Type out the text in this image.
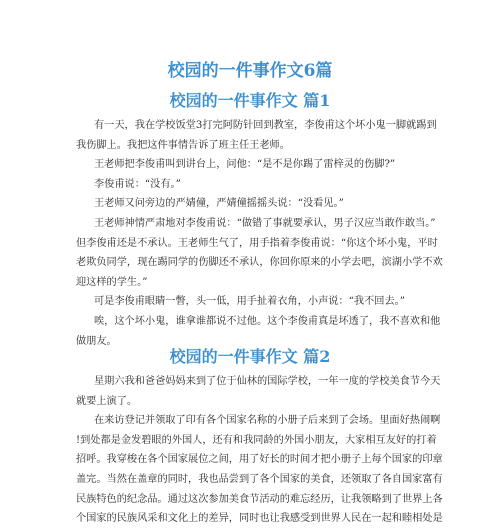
校园的一件事作文6篇
校园的一件事作文 篇1
有一天，我在学校饭堂3打完阿防针回到教室，李俊甫这个坏小鬼一脚就踢到
我伤脚上。我把这件事情告诉了班主任王老师。
王老师把李俊甫叫到讲台上，问他：“是不是你踢了雷梓灵的伤脚?”
李俊甫说：“没有。”
王老师又问旁边的严婧僮，严婧僮摇摇头说：“没看见。”
王老师神情严肃地对李俊甫说：“做错了事就要承认，男子汉应当敢作敢当。”
但李俊甫还是不承认。王老师生气了，用手指着李俊甫说：“你这个坏小鬼，平时
老欺负同学，现在踢同学的伤脚还不承认，你回你原来的小学去吧，滨湖小学不欢
迎这样的学生。”
可是李俊甫眼睛一瞥，头一低，用手扯着衣角，小声说：“我不回去。”
唉，这个坏小鬼，谁拿谁都说不过他。这个李俊甫真是坏透了，我不喜欢和他
做朋友。
校园的一件事作文 篇2
星期六我和爸爸妈妈来到了位于仙林的国际学校，一年一度的学校美食节今天
就要上演了。
在来访登记并领取了印有各个国家名称的小册子后来到了会场。里面好热闹啊
!到处都是金发碧眼的外国人，还有和我同龄的外国小朋友，大家相互友好的打着
招呼。我穿梭在各个国家展位之间，用了好长的时间才把小册子上每个国家的印章
盖完。当然在盖章的同时，我也品尝到了各个国家的美食，还领取了各自国家富有
民族特色的纪念品。通过这次参加美食节活动的难忘经历，让我领略到了世界上各
个国家的民族风采和文化上的差异，同时也让我感受到世界人民在一起和睦相处是
